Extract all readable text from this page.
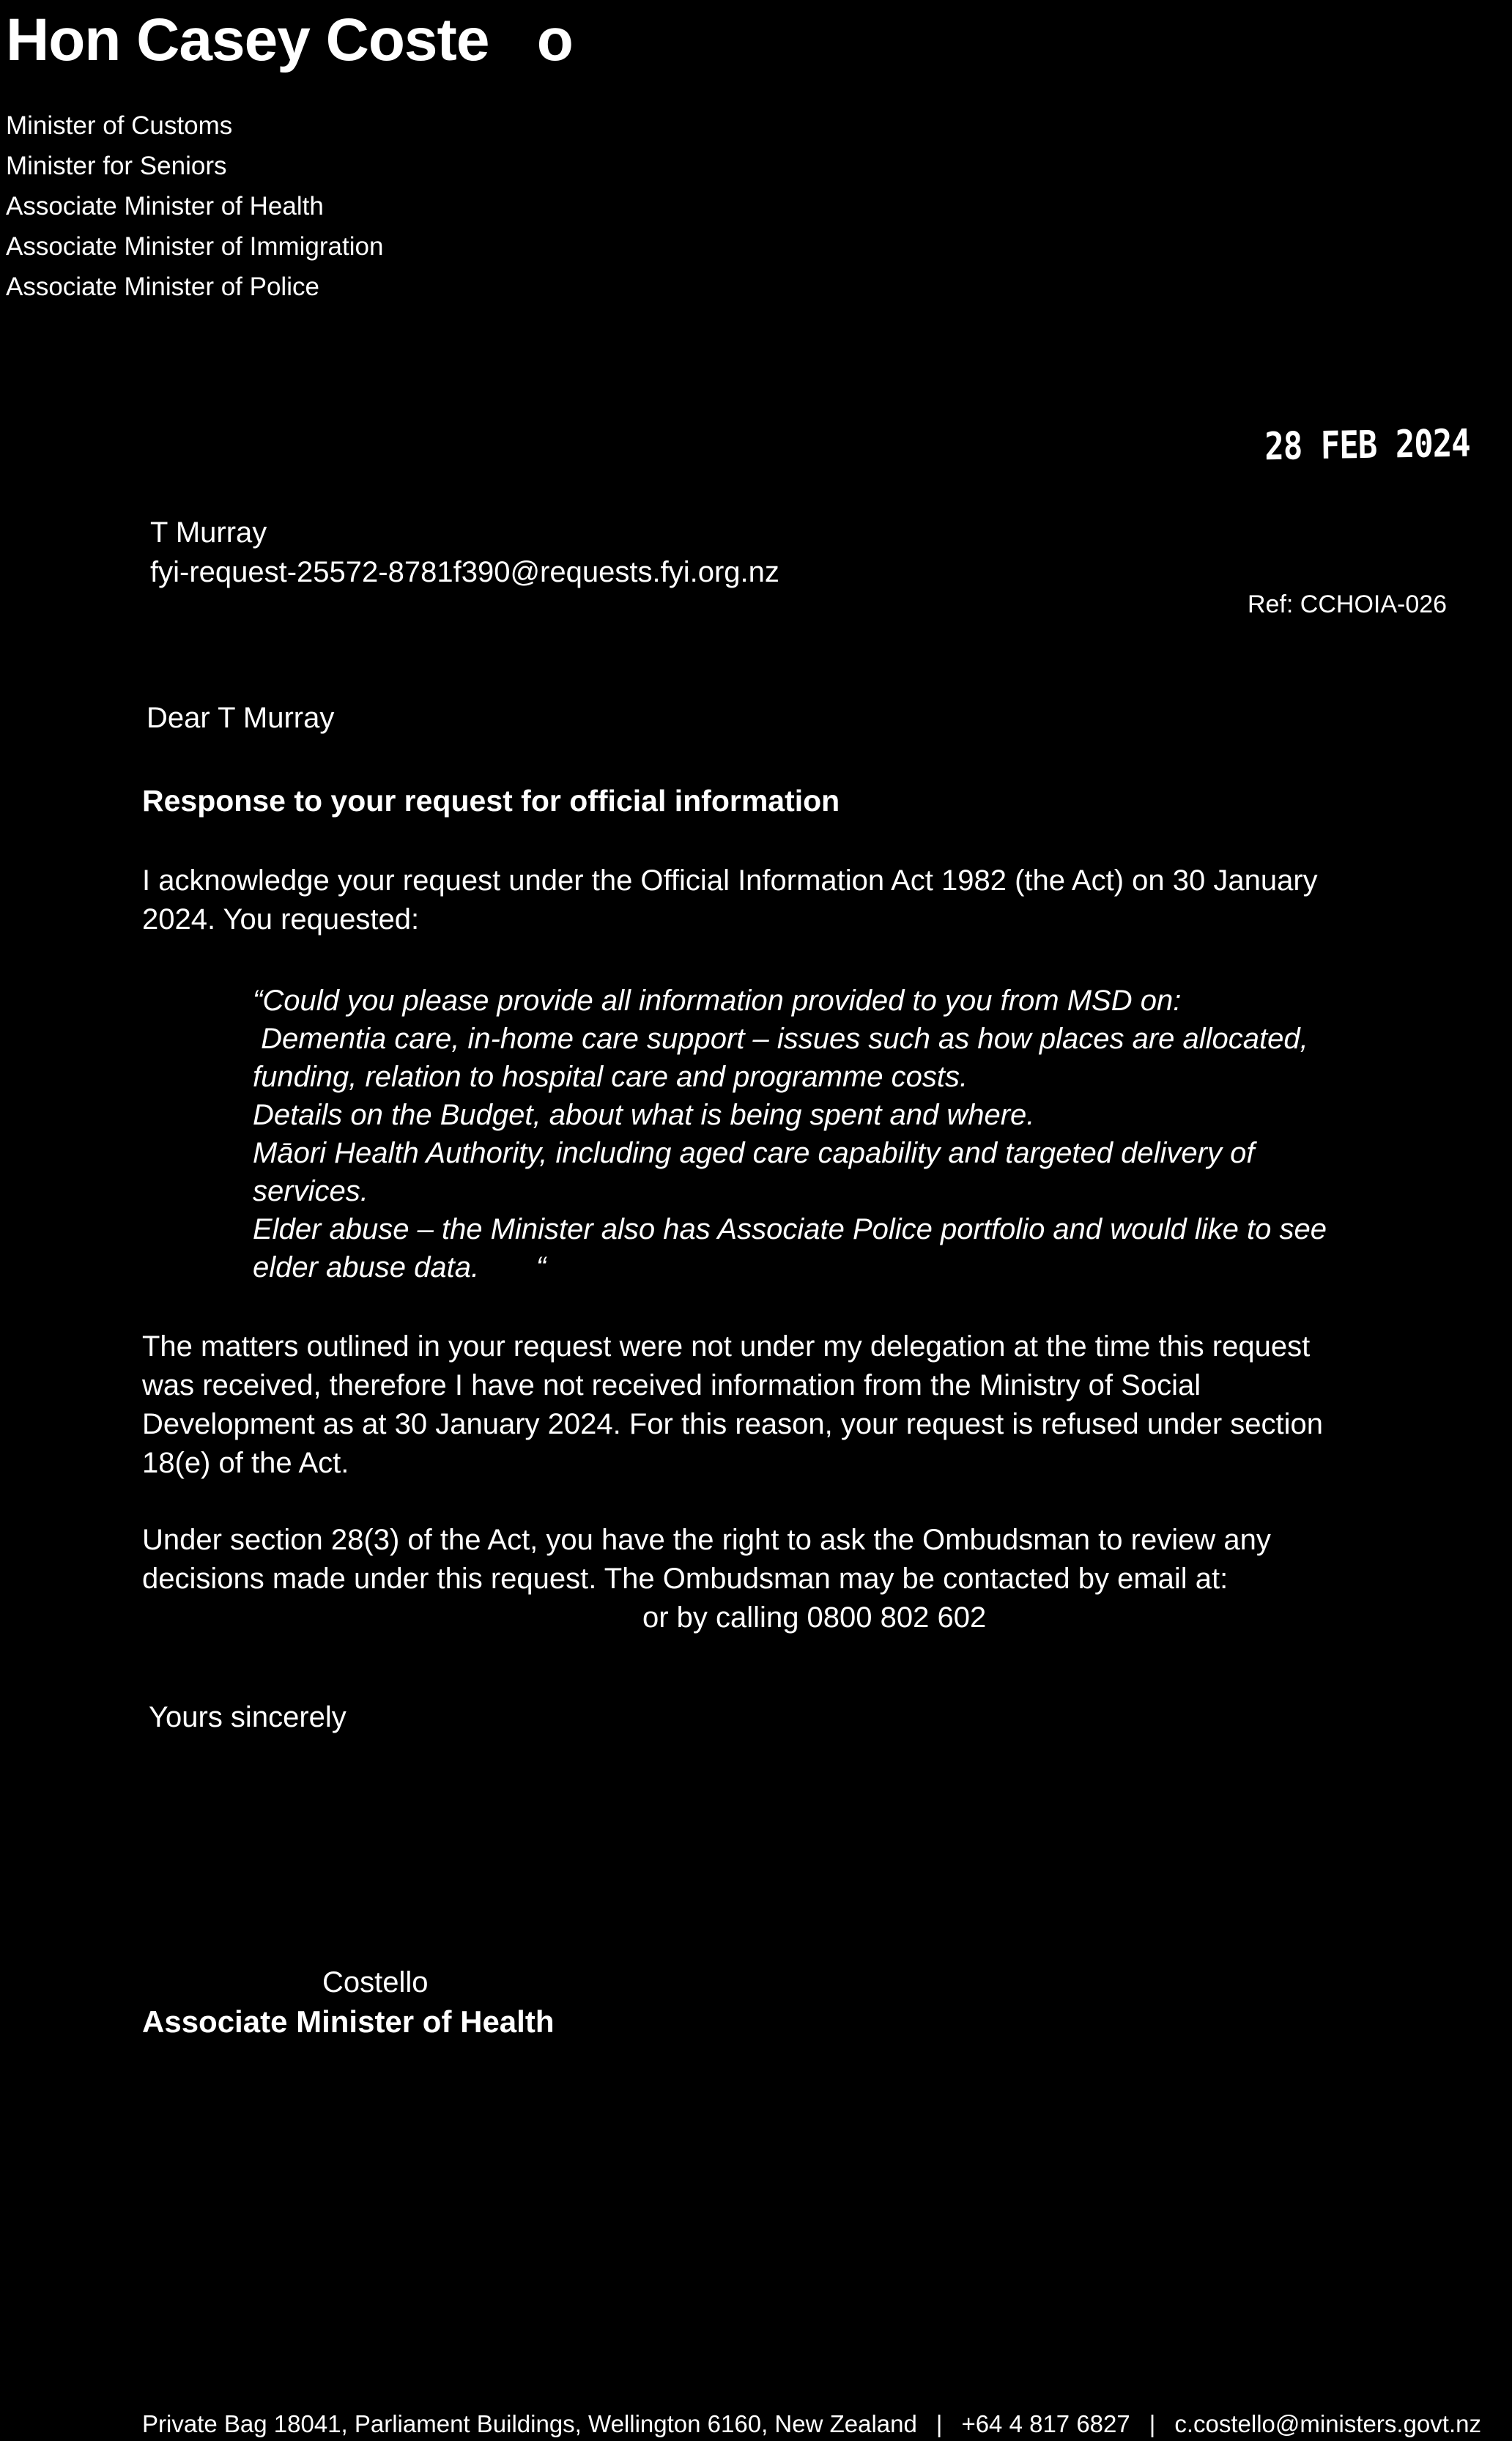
Hon Casey Coste   o
Minister of Customs
Minister for Seniors
Associate Minister of Health
Associate Minister of Immigration
Associate Minister of Police
28 FEB 2024
T Murray
fyi-request-25572-8781f390@requests.fyi.org.nz
Ref: CCHOIA-026
Dear T Murray
Response to your request for official information
I acknowledge your request under the Official Information Act 1982 (the Act) on 30 January
2024. You requested:
“Could you please provide all information provided to you from MSD on:
Dementia care, in-home care support – issues such as how places are allocated,
funding, relation to hospital care and programme costs.
Details on the Budget, about what is being spent and where.
Māori Health Authority, including aged care capability and targeted delivery of
services.
Elder abuse – the Minister also has Associate Police portfolio and would like to see
elder abuse data.       “
The matters outlined in your request were not under my delegation at the time this request
was received, therefore I have not received information from the Ministry of Social
Development as at 30 January 2024. For this reason, your request is refused under section
18(e) of the Act.
Under section 28(3) of the Act, you have the right to ask the Ombudsman to review any
decisions made under this request. The Ombudsman may be contacted by email at:
or by calling 0800 802 602
Yours sincerely
Costello
Associate Minister of Health
Private Bag 18041, Parliament Buildings, Wellington 6160, New Zealand | +64 4 817 6827 | c.costello@ministers.govt.nz
